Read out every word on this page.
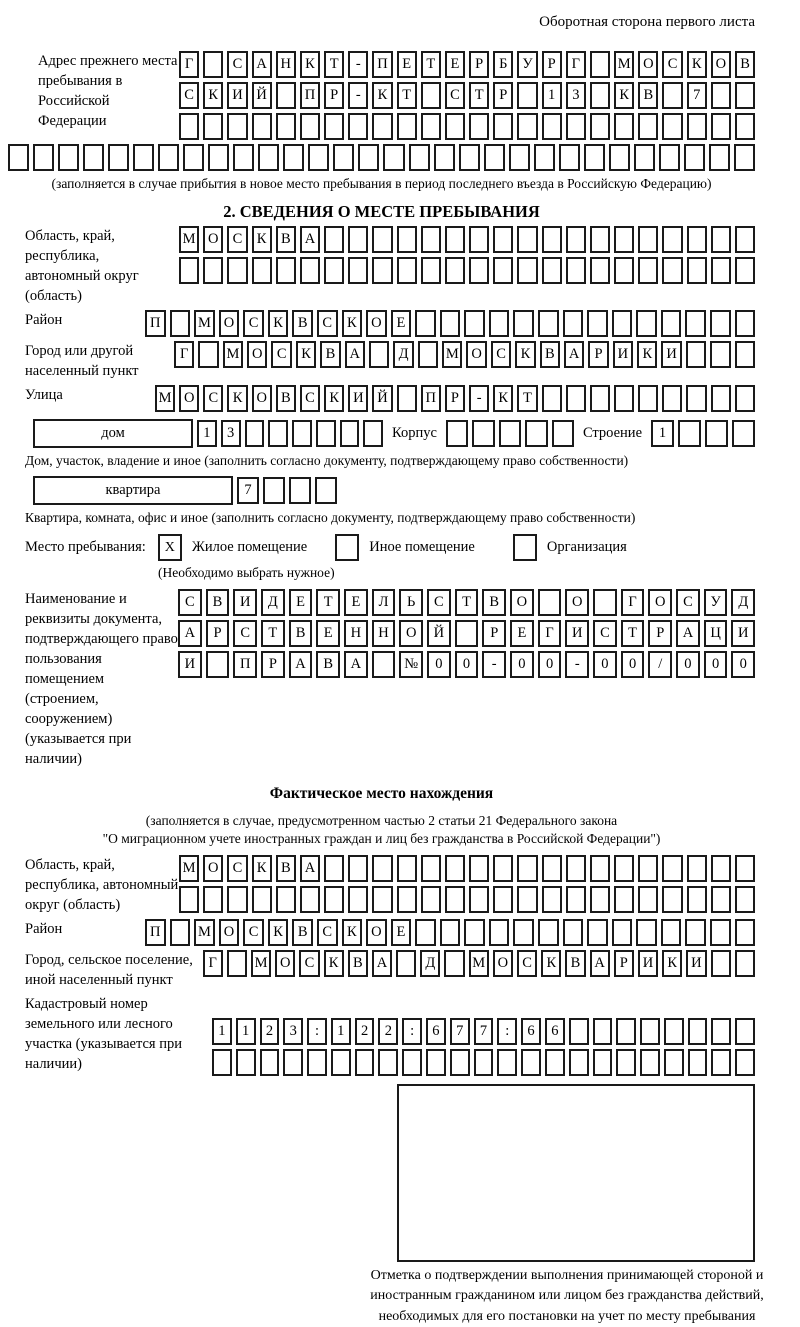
Оборотная сторона первого листа
Адрес прежнего места пребывания в Российской Федерации
Г	С А Н К	Т	-	П	Е	Т	Е	Р	Б	У	Р	Г	М О С	К О В
С	К И Й	П	Р	-	К	Т	С	Т	Р	1	3	К	В	7
(заполняется в случае прибытия в новое место пребывания в период последнего въезда в Российскую Федерацию)
2. СВЕДЕНИЯ О МЕСТЕ ПРЕБЫВАНИЯ
Область, край, республика, автономный округ (область)
М О С	К	В А
Район	П	М О С	К	В	С	К О	Е
Город или другой населенный пункт
Г	М О С	К	В А	Д	М О С	К	В А	Р	И К И
Улица	М О С К О В С К И Й	П	Р	-	К	Т
дом	1	3	Корпус	Строение	1
Дом, участок, владение и иное (заполнить согласно документу, подтверждающему право собственности)
квартира	7
Квартира, комната, офис и иное (заполнить согласно документу, подтверждающему право собственности)
Место пребывания:	X	Жилое помещение	Иное помещение	Организация
(Необходимо выбрать нужное)
Наименование и реквизиты документа, подтверждающего право пользования помещением (строением, сооружением) (указывается при наличии)
С	В	И	Д	Е	Т	Е	Л	Ь	С	Т	В	О	О	Г	О	С	У	Д
А	Р	С	Т	В	Е	Н	Н	О	Й	Р	Е	Г	И	С	Т	Р	А	Ц	И
И	П	Р	А	В	А	№	0	0	-	0	0	-	0	0	/	0	0	0
Фактическое место нахождения
(заполняется в случае, предусмотренном частью 2 статьи 21 Федерального закона
"О миграционном учете иностранных граждан и лиц без гражданства в Российской Федерации")
Область, край, республика, автономный округ (область)
М О С	К	В А
Район	П	М О С	К	В	С	К О	Е
Город, сельское поселение, иной населенный пункт
Г	М О С	К	В А	Д	М О С	К	В А	Р	И К И
Кадастровый номер земельного или лесного участка (указывается при наличии)
1	1	2	3	:	1	2	2	:	6	7	7	:	6	6
Отметка о подтверждении выполнения принимающей стороной и иностранным гражданином или лицом без гражданства действий, необходимых для его постановки на учет по месту пребывания
